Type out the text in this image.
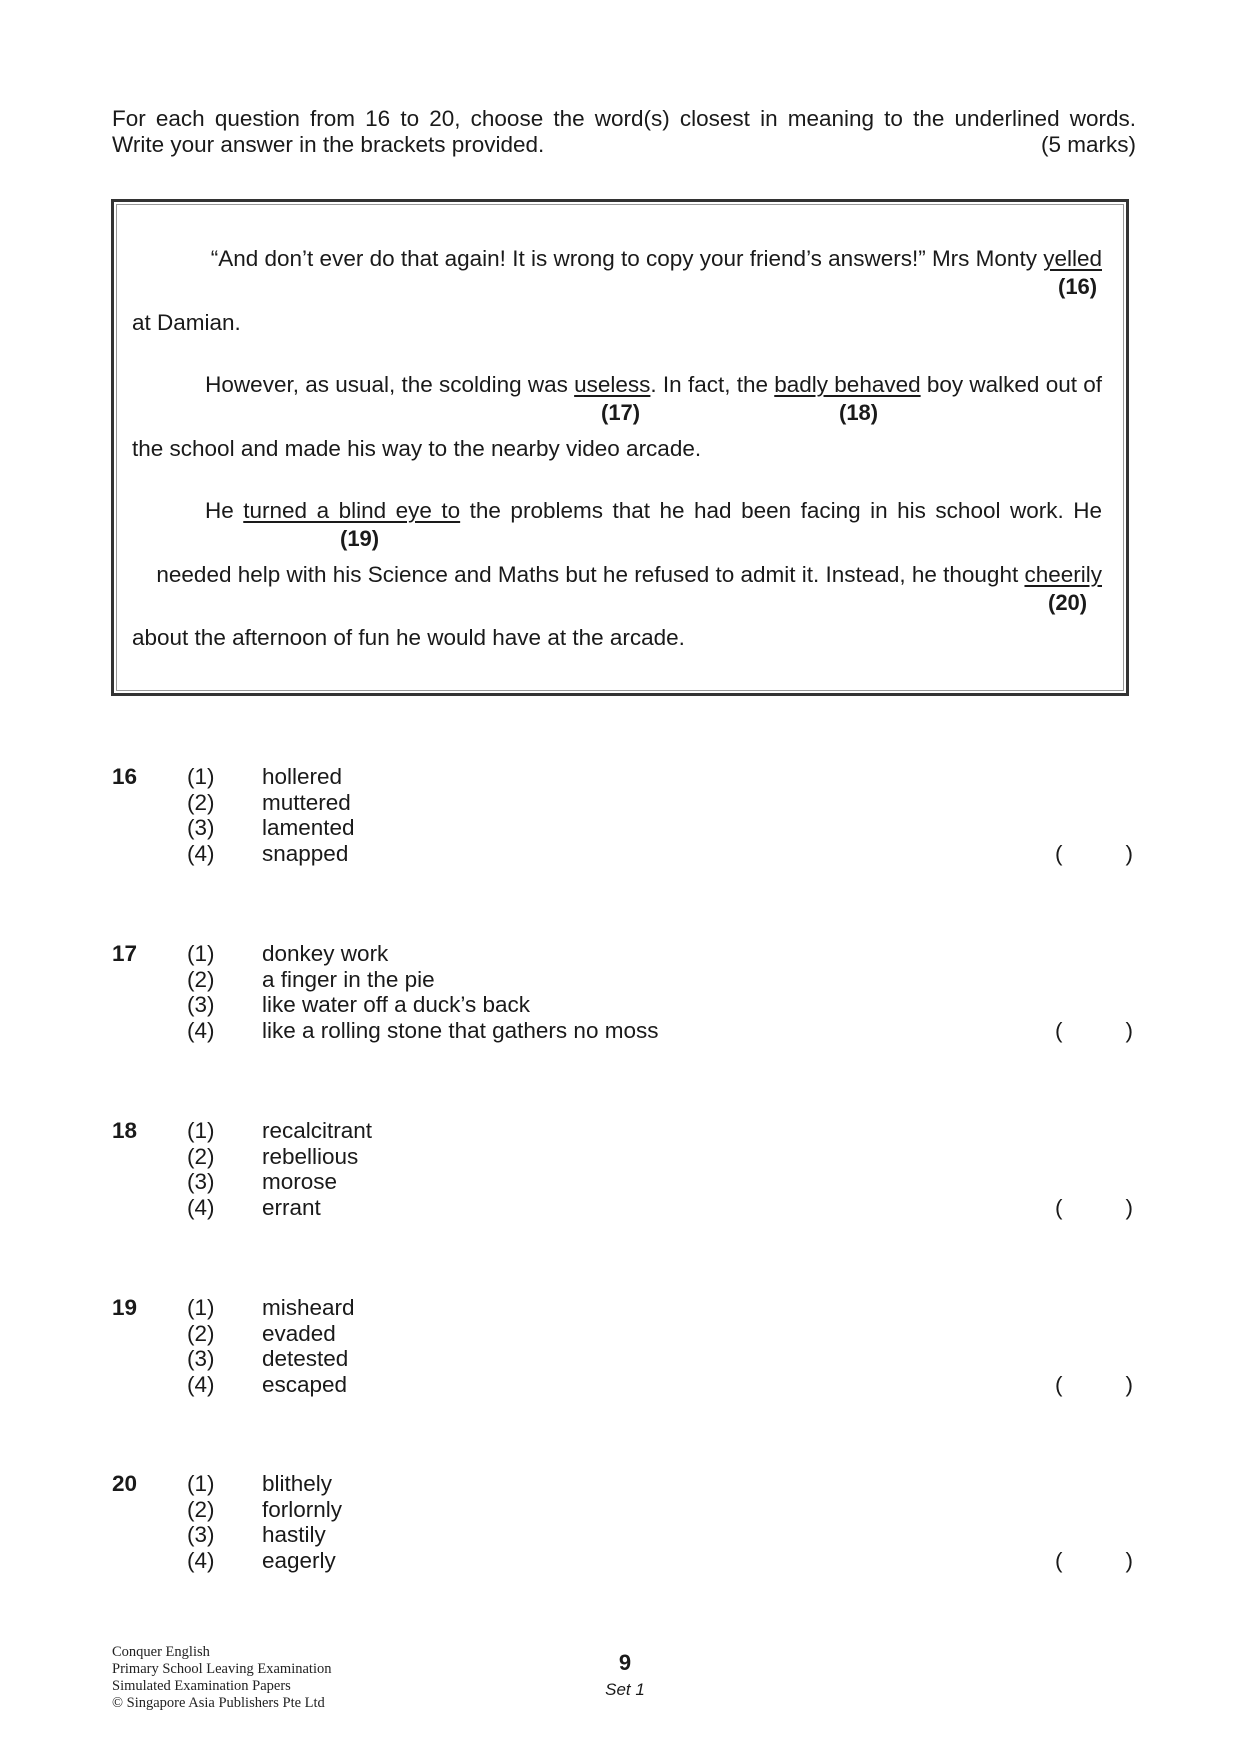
For each question from 16 to 20, choose the word(s) closest in meaning to the underlined words.
Write your answer in the brackets provided.	(5 marks)
“And don’t ever do that again! It is wrong to copy your friend’s answers!” Mrs Monty yelled
(16)
at Damian.
However, as usual, the scolding was useless. In fact, the badly behaved boy walked out of
(17)	(18)
the school and made his way to the nearby video arcade.
He turned a blind eye to the problems that he had been facing in his school work. He
(19)
needed help with his Science and Maths but he refused to admit it. Instead, he thought cheerily
(20)
about the afternoon of fun he would have at the arcade.
16 (1) hollered
(2) muttered
(3) lamented
(4) snapped	(	)
17 (1) donkey work
(2) a finger in the pie
(3) like water off a duck’s back
(4) like a rolling stone that gathers no moss	(	)
18 (1) recalcitrant
(2) rebellious
(3) morose
(4) errant	(	)
19 (1) misheard
(2) evaded
(3) detested
(4) escaped	(	)
20 (1) blithely
(2) forlornly
(3) hastily
(4) eagerly	(	)
Conquer English
Primary School Leaving Examination
Simulated Examination Papers
© Singapore Asia Publishers Pte Ltd
9
Set 1
